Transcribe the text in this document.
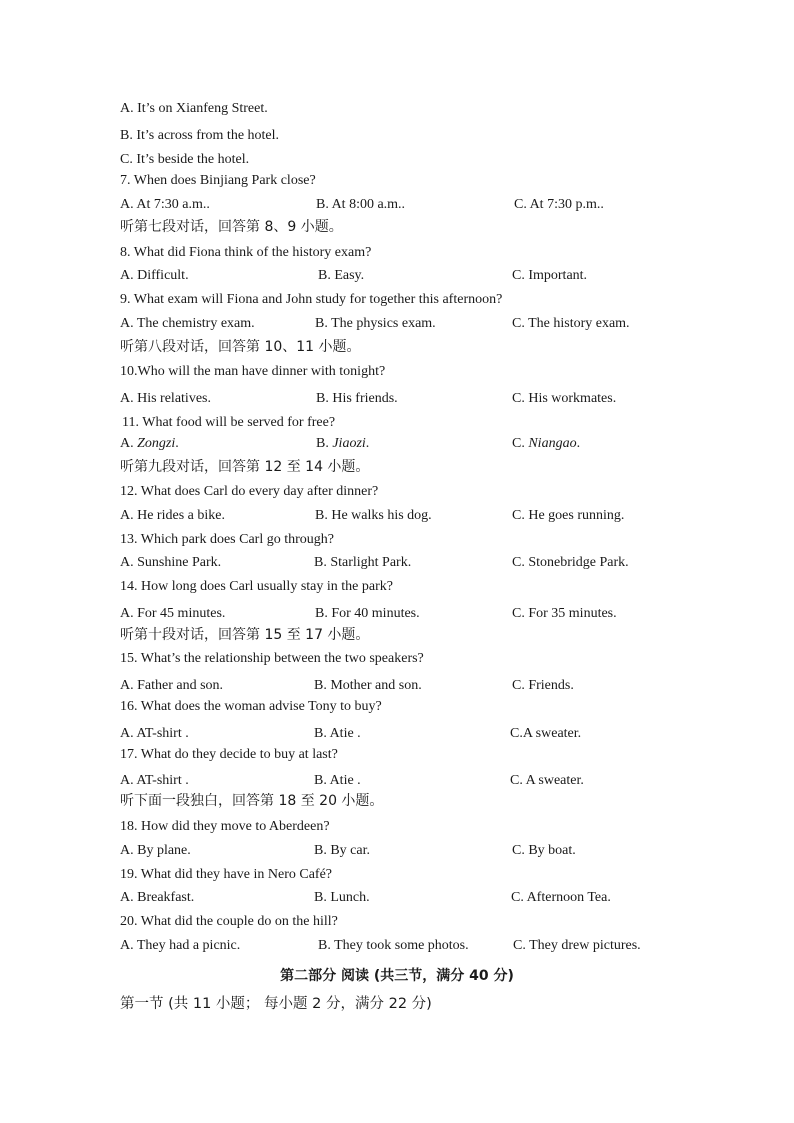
A. It’s on Xianfeng Street.
B. It’s across from the hotel.
C. It’s beside the hotel.
7. When does Binjiang Park close?
A. At 7:30 a.m..	B. At 8:00 a.m..	C. At 7:30 p.m..
听第七段对话，回答第 8、9 小题。
8. What did Fiona think of the history exam?
A. Difficult.	B. Easy.	C. Important.
9. What exam will Fiona and John study for together this afternoon?
A. The chemistry exam.	B. The physics exam.	C. The history exam.
听第八段对话，回答第 10、11 小题。
10.Who will the man have dinner with tonight?
A. His relatives.	B. His friends.	C. His workmates.
11. What food will be served for free?
A. Zongzi.	B. Jiaozi.	C. Niangao.
听第九段对话，回答第 12 至 14 小题。
12. What does Carl do every day after dinner?
A. He rides a bike.	B. He walks his dog.	C. He goes running.
13. Which park does Carl go through?
A. Sunshine Park.	B. Starlight Park.	C. Stonebridge Park.
14. How long does Carl usually stay in the park?
A. For 45 minutes.	B. For 40 minutes.	C. For 35 minutes.
听第十段对话，回答第 15 至 17 小题。
15. What’s the relationship between the two speakers?
A. Father and son.	B. Mother and son.	C. Friends.
16. What does the woman advise Tony to buy?
A. AT-shirt .	B. Atie .	C.A sweater.
17. What do they decide to buy at last?
A. AT-shirt .	B. Atie .	C. A sweater.
听下面一段独白，回答第 18 至 20 小题。
18. How did they move to Aberdeen?
A. By plane.	B. By car.	C. By boat.
19. What did they have in Nero Café?
A. Breakfast.	B. Lunch.	C. Afternoon Tea.
20. What did the couple do on the hill?
A. They had a picnic.	B. They took some photos.	C. They drew pictures.
第二部分 阅读 (共三节，满分 40 分)
第一节 (共 11 小题； 每小题 2 分，满分 22 分)
